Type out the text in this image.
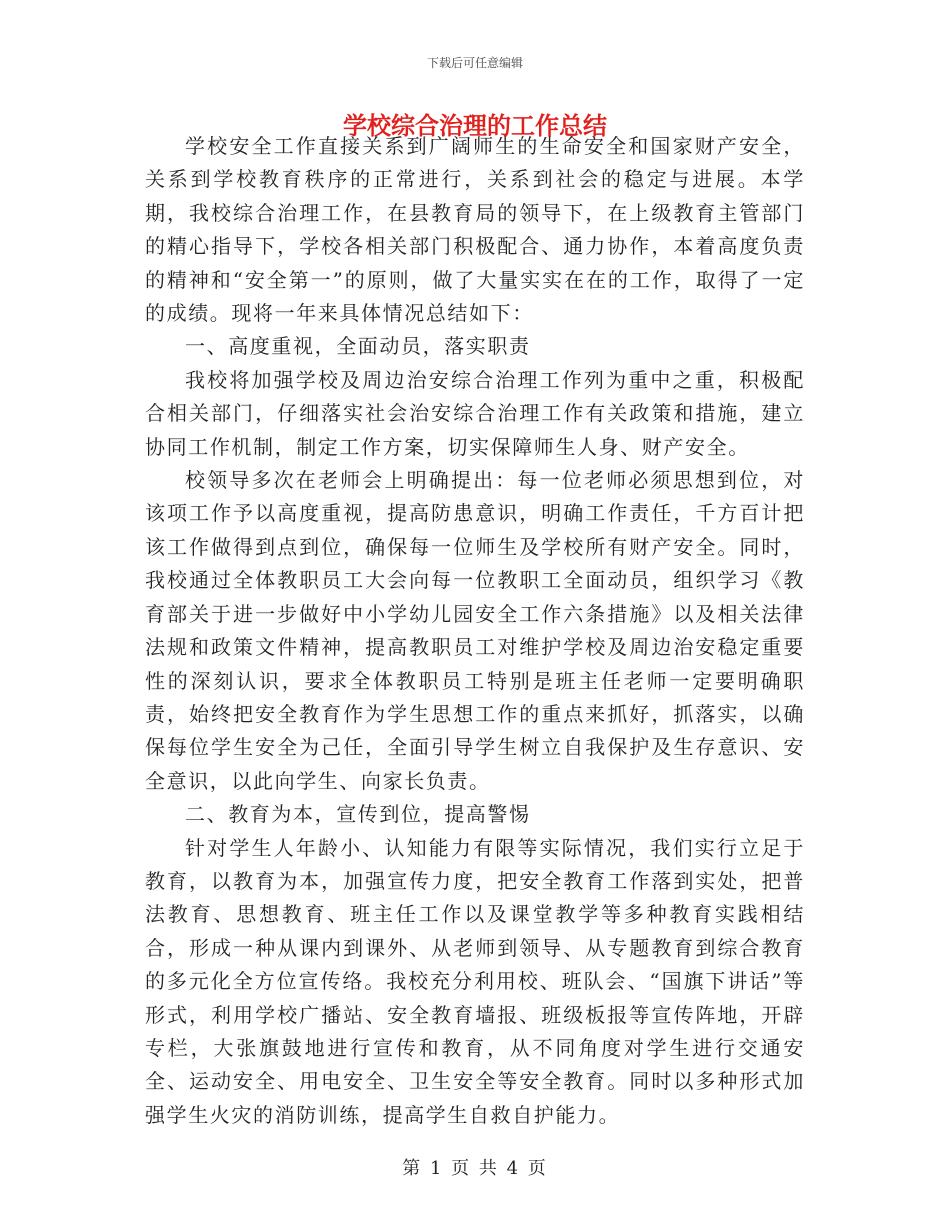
下载后可任意编辑

学校安全工作直接关系到广阔师生的生命安全和国家财产安全，关系到学校教育秩序的正常进行，关系到社会的稳定与进展。本学期，我校综合治理工作，在县教育局的领导下，在上级教育主管部门的精心指导下，学校各相关部门积极配合、通力协作，本着高度负责的精神和“安全第一”的原则，做了大量实实在在的工作，取得了一定的成绩。现将一年来具体情况总结如下：

一、高度重视，全面动员，落实职责

我校将加强学校及周边治安综合治理工作列为重中之重，积极配合相关部门，仔细落实社会治安综合治理工作有关政策和措施，建立协同工作机制，制定工作方案，切实保障师生人身、财产安全。

校领导多次在老师会上明确提出：每一位老师必须思想到位，对该项工作予以高度重视，提高防患意识，明确工作责任，千方百计把该工作做得到点到位，确保每一位师生及学校所有财产安全。同时，我校通过全体教职员工大会向每一位教职工全面动员，组织学习《教育部关于进一步做好中小学幼儿园安全工作六条措施》以及相关法律法规和政策文件精神，提高教职员工对维护学校及周边治安稳定重要性的深刻认识，要求全体教职员工特别是班主任老师一定要明确职责，始终把安全教育作为学生思想工作的重点来抓好，抓落实，以确保每位学生安全为己任，全面引导学生树立自我保护及生存意识、安全意识，以此向学生、向家长负责。

二、教育为本，宣传到位，提高警惕

针对学生人年龄小、认知能力有限等实际情况，我们实行立足于教育，以教育为本，加强宣传力度，把安全教育工作落到实处，把普法教育、思想教育、班主任工作以及课堂教学等多种教育实践相结合，形成一种从课内到课外、从老师到领导、从专题教育到综合教育的多元化全方位宣传络。我校充分利用校、班队会、“国旗下讲话”等形式，利用学校广播站、安全教育墙报、班级板报等宣传阵地，开辟专栏，大张旗鼓地进行宣传和教育，从不同角度对学生进行交通安全、运动安全、用电安全、卫生安全等安全教育。同时以多种形式加强学生火灾的消防训练，提高学生自救自护能力。

学校综合治理的工作总结
第 1 页 共 4 页
